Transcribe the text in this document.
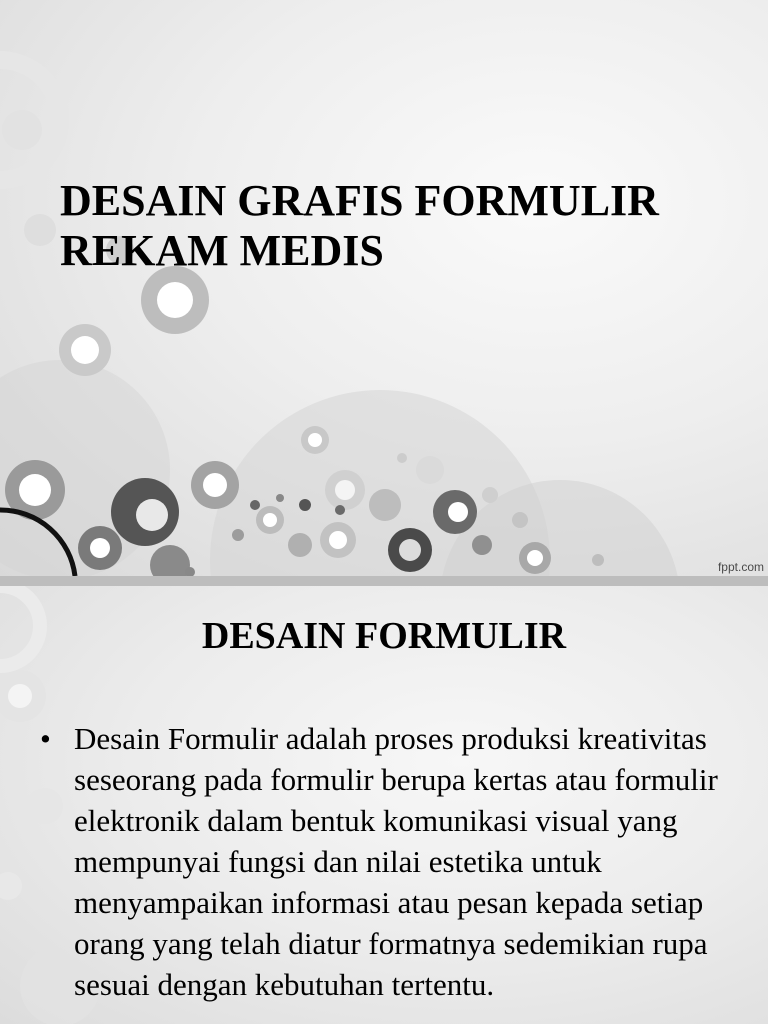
DESAIN GRAFIS FORMULIR
REKAM MEDIS
fppt.com
DESAIN FORMULIR
• Desain Formulir adalah proses produksi kreativitas seseorang pada formulir berupa kertas atau formulir elektronik dalam bentuk komunikasi visual yang mempunyai fungsi dan nilai estetika untuk menyampaikan informasi atau pesan kepada setiap orang yang telah diatur formatnya sedemikian rupa sesuai dengan kebutuhan tertentu.
